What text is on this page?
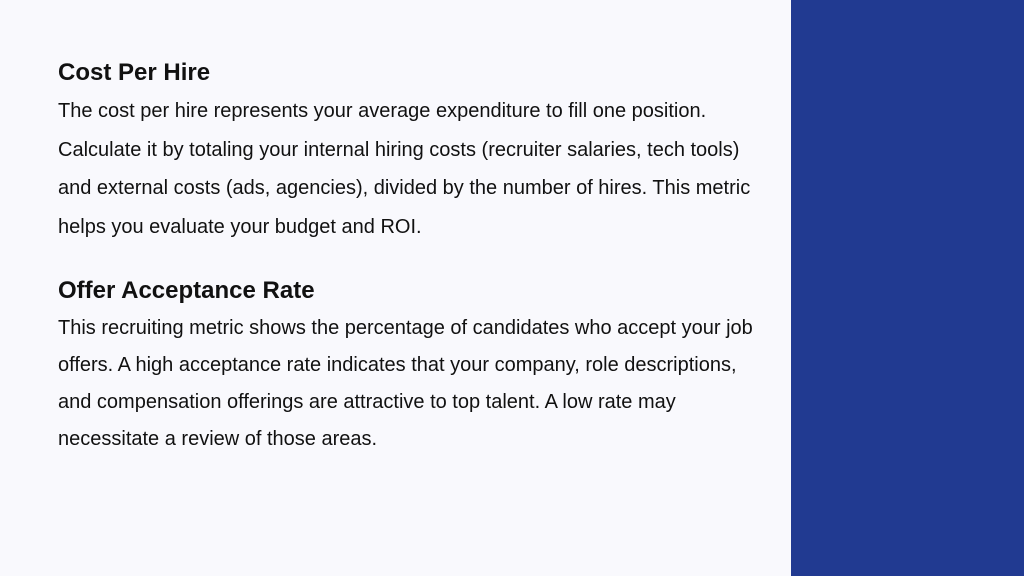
Cost Per Hire

The cost per hire represents your average expenditure to fill one position. Calculate it by totaling your internal hiring costs (recruiter salaries, tech tools) and external costs (ads, agencies), divided by the number of hires. This metric helps you evaluate your budget and ROI.

Offer Acceptance Rate

This recruiting metric shows the percentage of candidates who accept your job offers. A high acceptance rate indicates that your company, role descriptions, and compensation offerings are attractive to top talent. A low rate may necessitate a review of those areas.
